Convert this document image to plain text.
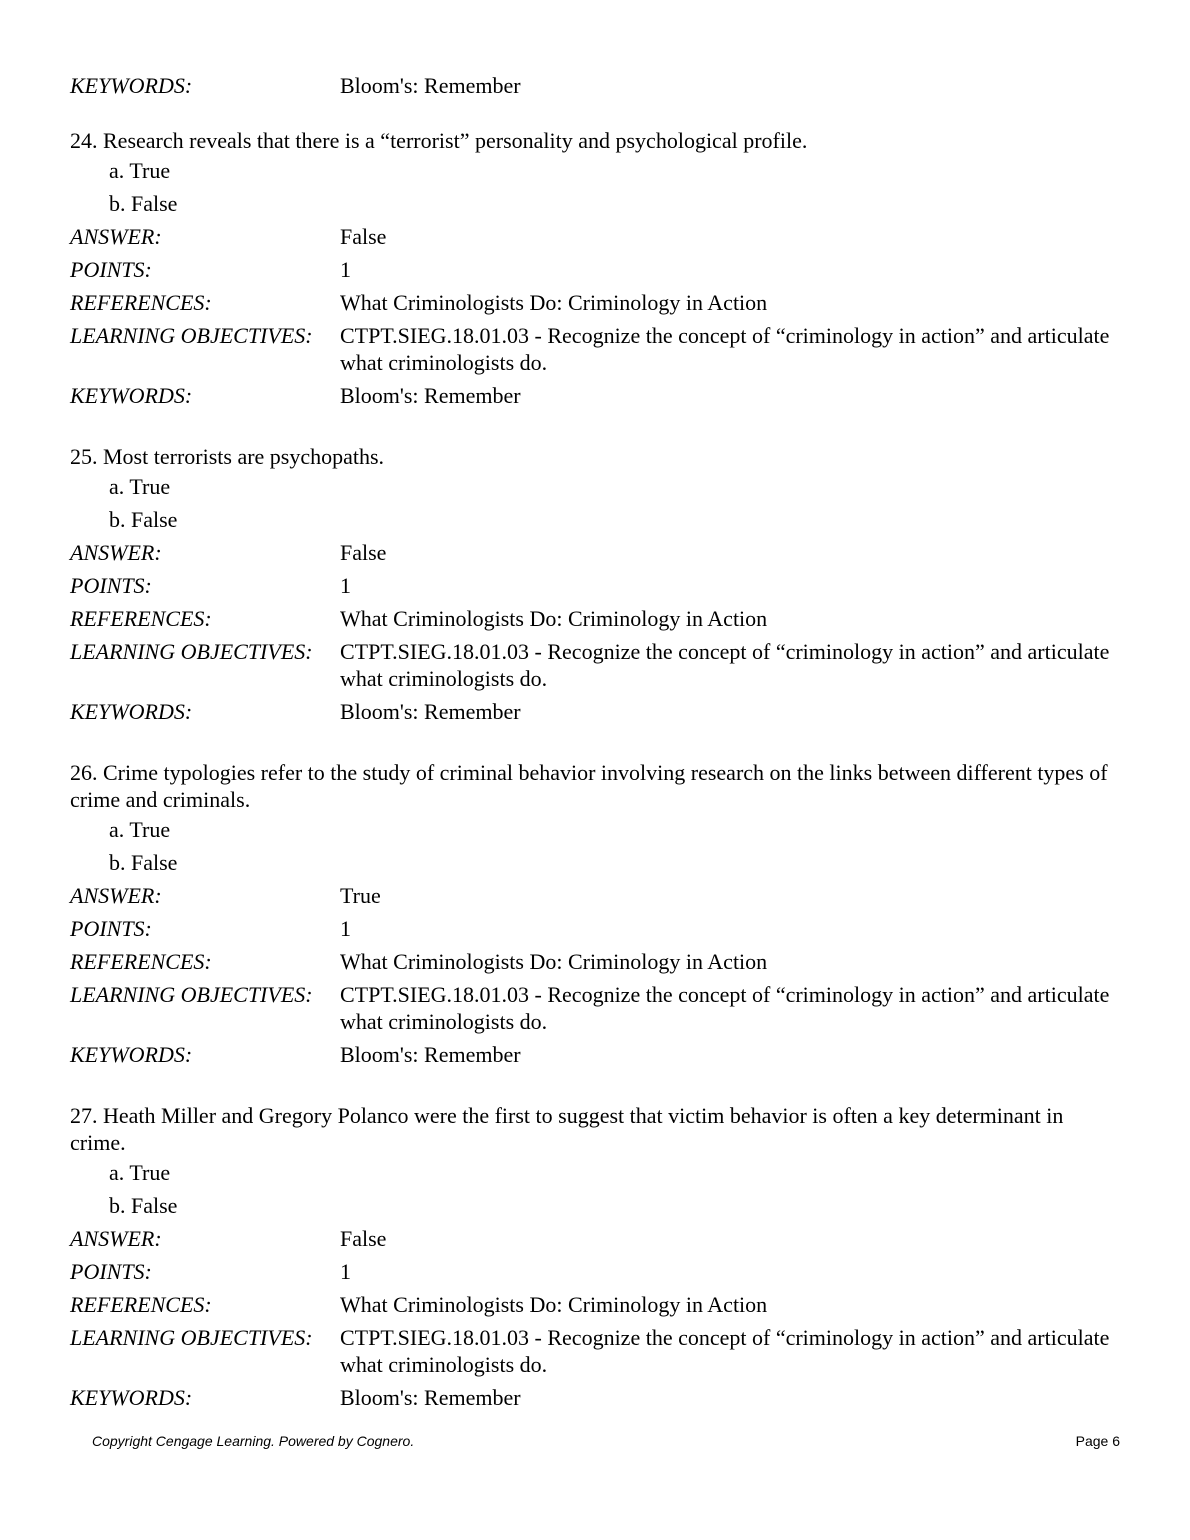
KEYWORDS:	Bloom's: Remember
24. Research reveals that there is a “terrorist” personality and psychological profile.
a. True
b. False
ANSWER:	False
POINTS:	1
REFERENCES:	What Criminologists Do: Criminology in Action
LEARNING OBJECTIVES:	CTPT.SIEG.18.01.03 - Recognize the concept of “criminology in action” and articulate what criminologists do.
KEYWORDS:	Bloom's: Remember
25. Most terrorists are psychopaths.
a. True
b. False
ANSWER:	False
POINTS:	1
REFERENCES:	What Criminologists Do: Criminology in Action
LEARNING OBJECTIVES:	CTPT.SIEG.18.01.03 - Recognize the concept of “criminology in action” and articulate what criminologists do.
KEYWORDS:	Bloom's: Remember
26. Crime typologies refer to the study of criminal behavior involving research on the links between different types of crime and criminals.
a. True
b. False
ANSWER:	True
POINTS:	1
REFERENCES:	What Criminologists Do: Criminology in Action
LEARNING OBJECTIVES:	CTPT.SIEG.18.01.03 - Recognize the concept of “criminology in action” and articulate what criminologists do.
KEYWORDS:	Bloom's: Remember
27. Heath Miller and Gregory Polanco were the first to suggest that victim behavior is often a key determinant in crime.
a. True
b. False
ANSWER:	False
POINTS:	1
REFERENCES:	What Criminologists Do: Criminology in Action
LEARNING OBJECTIVES:	CTPT.SIEG.18.01.03 - Recognize the concept of “criminology in action” and articulate what criminologists do.
KEYWORDS:	Bloom's: Remember
Copyright Cengage Learning. Powered by Cognero.	Page 6
